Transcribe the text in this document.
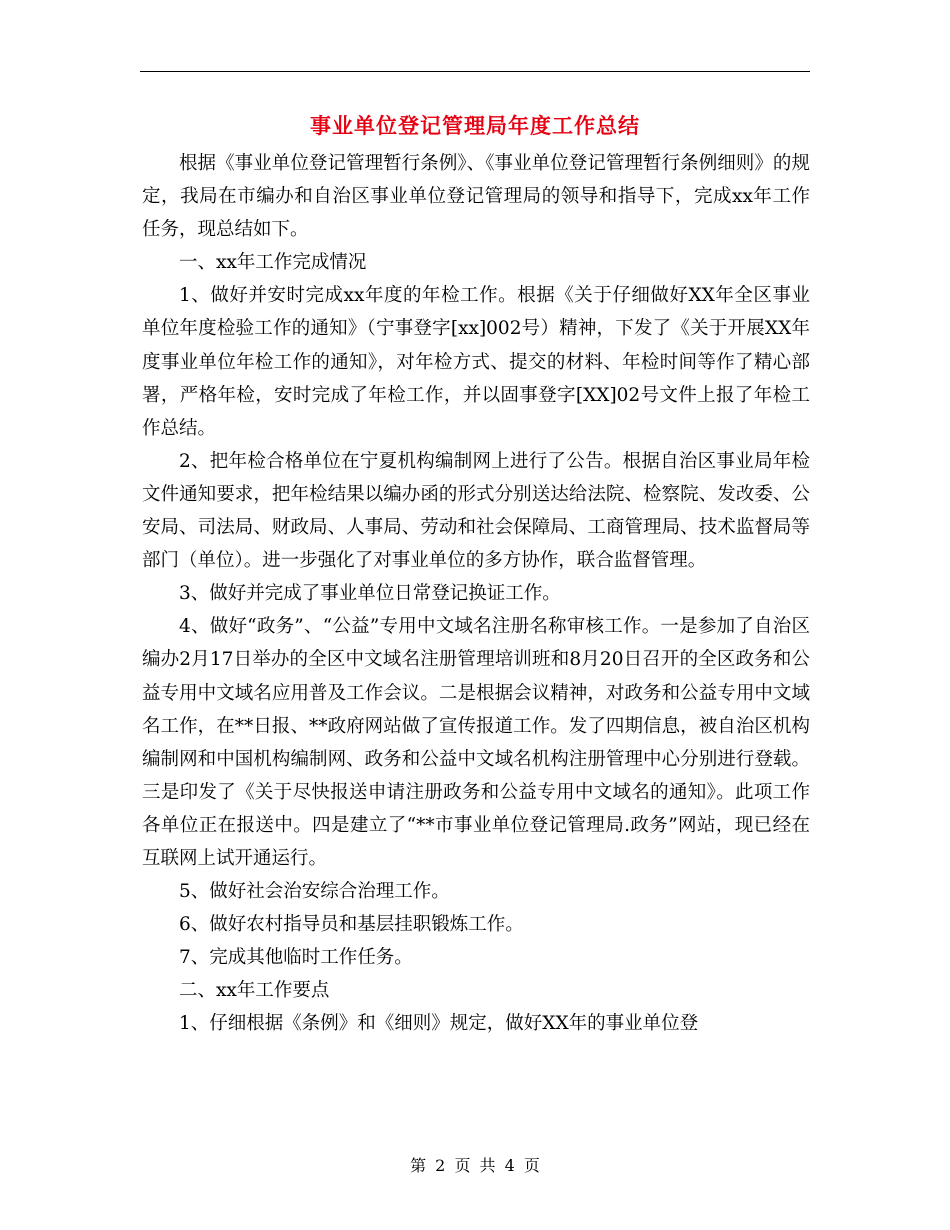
事业单位登记管理局年度工作总结

根据《事业单位登记管理暂行条例》、《事业单位登记管理暂行条例细则》的规定，我局在市编办和自治区事业单位登记管理局的领导和指导下，完成xx年工作任务，现总结如下。

一、xx年工作完成情况

1、做好并安时完成xx年度的年检工作。根据《关于仔细做好XX年全区事业单位年度检验工作的通知》（宁事登字[xx]002号）精神，下发了《关于开展XX年度事业单位年检工作的通知》，对年检方式、提交的材料、年检时间等作了精心部署，严格年检，安时完成了年检工作，并以固事登字[XX]02号文件上报了年检工作总结。

2、把年检合格单位在宁夏机构编制网上进行了公告。根据自治区事业局年检文件通知要求，把年检结果以编办函的形式分别送达给法院、检察院、发改委、公安局、司法局、财政局、人事局、劳动和社会保障局、工商管理局、技术监督局等部门（单位）。进一步强化了对事业单位的多方协作，联合监督管理。

3、做好并完成了事业单位日常登记换证工作。

4、做好“政务”、“公益”专用中文域名注册名称审核工作。一是参加了自治区编办2月17日举办的全区中文域名注册管理培训班和8月20日召开的全区政务和公益专用中文域名应用普及工作会议。二是根据会议精神，对政务和公益专用中文域名工作，在**日报、**政府网站做了宣传报道工作。发了四期信息，被自治区机构编制网和中国机构编制网、政务和公益中文域名机构注册管理中心分别进行登载。三是印发了《关于尽快报送申请注册政务和公益专用中文域名的通知》。此项工作各单位正在报送中。四是建立了“**市事业单位登记管理局.政务”网站，现已经在互联网上试开通运行。

5、做好社会治安综合治理工作。

6、做好农村指导员和基层挂职锻炼工作。

7、完成其他临时工作任务。

二、xx年工作要点

1、仔细根据《条例》和《细则》规定，做好XX年的事业单位登

第 2 页 共 4 页
